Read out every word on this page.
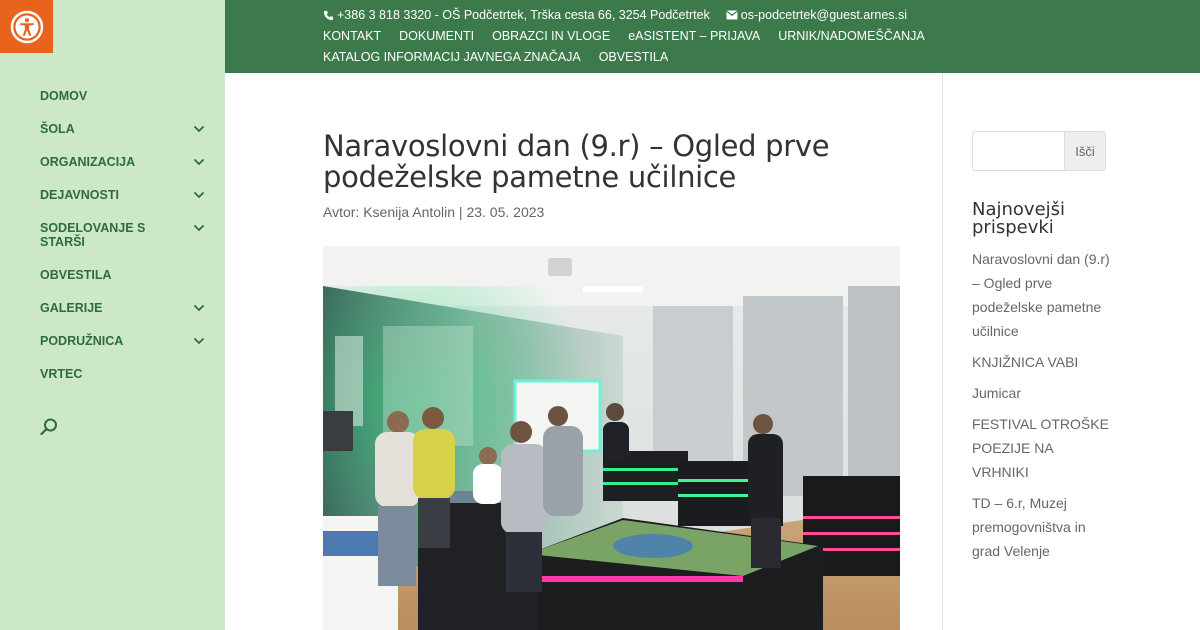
DOMOV
ŠOLA
ORGANIZACIJA
DEJAVNOSTI
SODELOVANJE S STARŠI
OBVESTILA
GALERIJE
PODRUŽNICA
VRTEC
+386 3 818 3320 - OŠ Podčetrtek, Trška cesta 66, 3254 Podčetrtek os-podcetrtek@guest.arnes.si
KONTAKT DOKUMENTI OBRAZCI IN VLOGE eASISTENT – PRIJAVA URNIK/NADOMEŠČANJA
KATALOG INFORMACIJ JAVNEGA ZNAČAJA OBVESTILA
Naravoslovni dan (9.r) – Ogled prve podeželske pametne učilnice
Avtor: Ksenija Antolin | 23. 05. 2023
Išči
Najnovejši prispevki
Naravoslovni dan (9.r) – Ogled prve podeželske pametne učilnice
KNJIŽNICA VABI
Jumicar
FESTIVAL OTROŠKE POEZIJE NA VRHNIKI
TD – 6.r, Muzej premogovništva in grad Velenje
